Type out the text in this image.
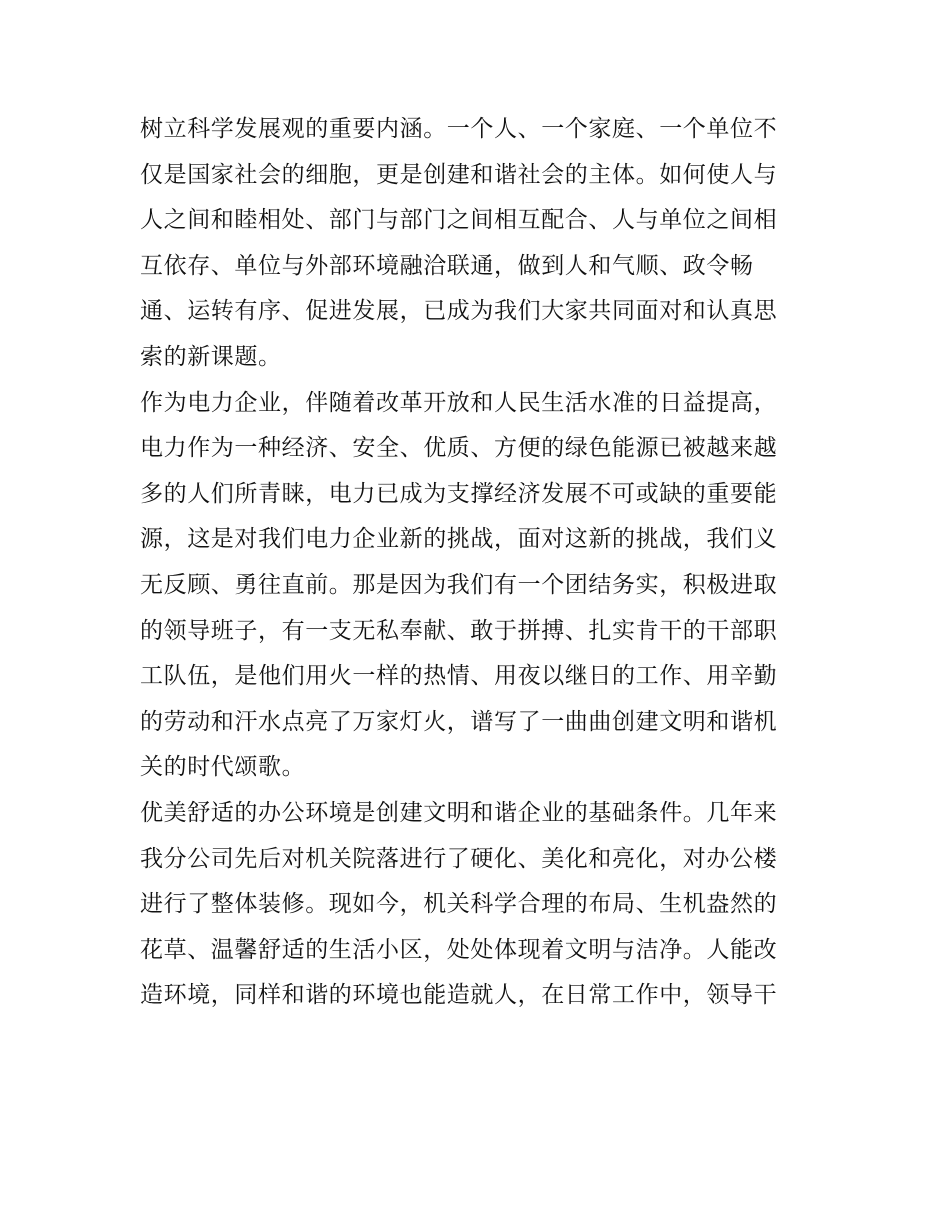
树立科学发展观的重要内涵。一个人、一个家庭、一个单位不
仅是国家社会的细胞，更是创建和谐社会的主体。如何使人与
人之间和睦相处、部门与部门之间相互配合、人与单位之间相
互依存、单位与外部环境融洽联通，做到人和气顺、政令畅
通、运转有序、促进发展，已成为我们大家共同面对和认真思
索的新课题。
作为电力企业，伴随着改革开放和人民生活水准的日益提高，
电力作为一种经济、安全、优质、方便的绿色能源已被越来越
多的人们所青睐，电力已成为支撑经济发展不可或缺的重要能
源，这是对我们电力企业新的挑战，面对这新的挑战，我们义
无反顾、勇往直前。那是因为我们有一个团结务实，积极进取
的领导班子，有一支无私奉献、敢于拼搏、扎实肯干的干部职
工队伍，是他们用火一样的热情、用夜以继日的工作、用辛勤
的劳动和汗水点亮了万家灯火，谱写了一曲曲创建文明和谐机
关的时代颂歌。
优美舒适的办公环境是创建文明和谐企业的基础条件。几年来
我分公司先后对机关院落进行了硬化、美化和亮化，对办公楼
进行了整体装修。现如今，机关科学合理的布局、生机盎然的
花草、温馨舒适的生活小区，处处体现着文明与洁净。人能改
造环境，同样和谐的环境也能造就人，在日常工作中，领导干
